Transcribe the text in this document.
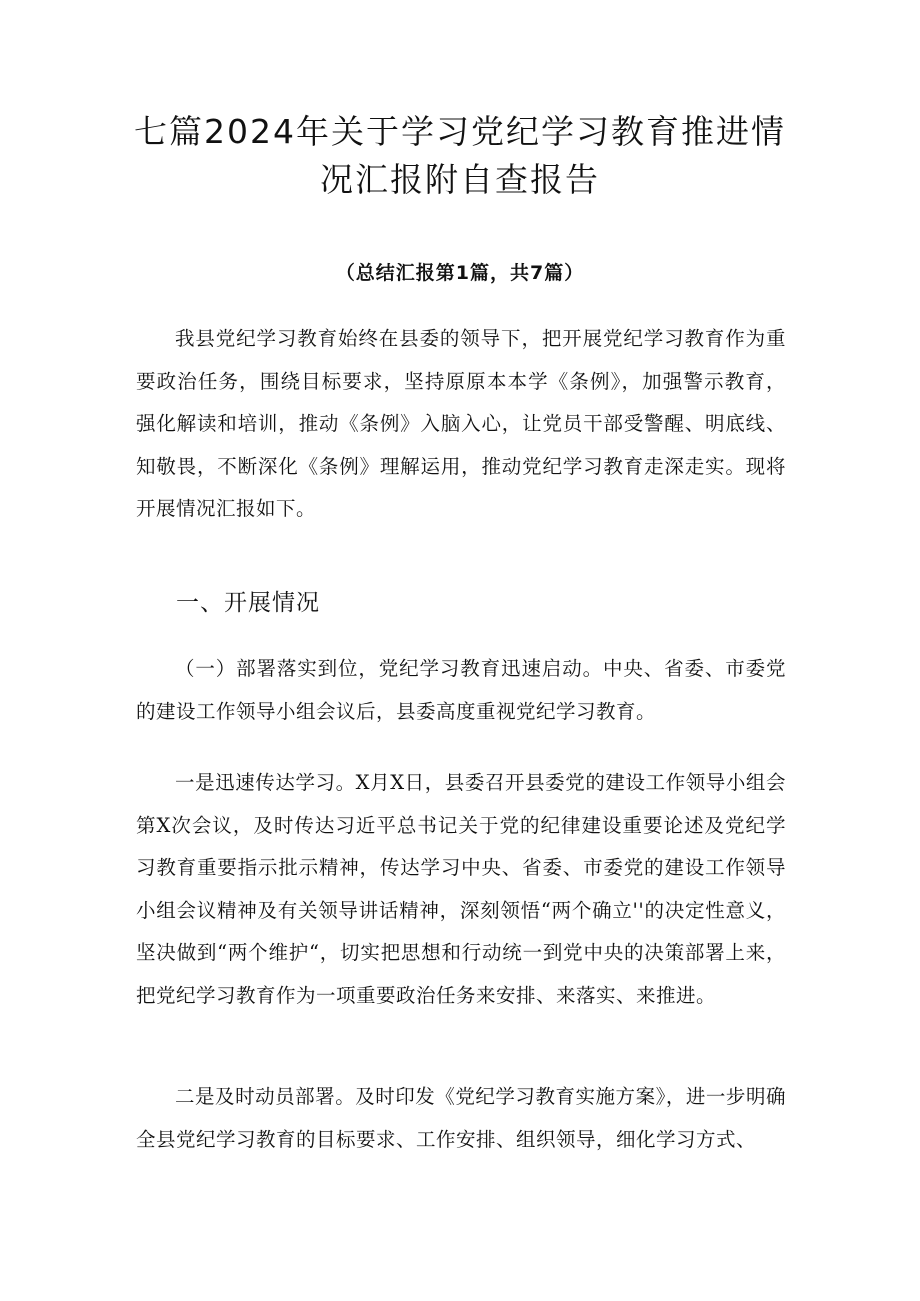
七篇2024年关于学习党纪学习教育推进情
况汇报附自查报告
（总结汇报第1篇，共7篇）

我县党纪学习教育始终在县委的领导下，把开展党纪学习教育作为重要政治任务，围绕目标要求，坚持原原本本学《条例》，加强警示教育，强化解读和培训，推动《条例》入脑入心，让党员干部受警醒、明底线、知敬畏，不断深化《条例》理解运用，推动党纪学习教育走深走实。现将开展情况汇报如下。

一、开展情况

（一）部署落实到位，党纪学习教育迅速启动。中央、省委、市委党的建设工作领导小组会议后，县委高度重视党纪学习教育。

一是迅速传达学习。X月X日，县委召开县委党的建设工作领导小组会第X次会议，及时传达习近平总书记关于党的纪律建设重要论述及党纪学习教育重要指示批示精神，传达学习中央、省委、市委党的建设工作领导小组会议精神及有关领导讲话精神，深刻领悟“两个确立''的决定性意义，坚决做到“两个维护“，切实把思想和行动统一到党中央的决策部署上来，把党纪学习教育作为一项重要政治任务来安排、来落实、来推进。

二是及时动员部署。及时印发《党纪学习教育实施方案》，进一步明确全县党纪学习教育的目标要求、工作安排、组织领导，细化学习方式、
